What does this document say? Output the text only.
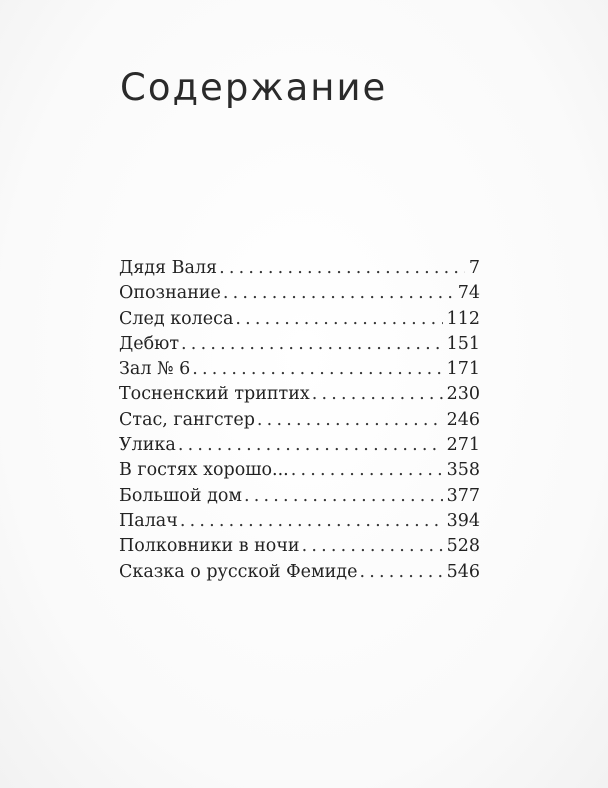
Содержание
Дядя Валя .....	7
Опознание .....	74
След колеса .....	112
Дебют .....	151
Зал № 6 .....	171
Тосненский триптих .....	230
Стас, гангстер .....	246
Улика .....	271
В гостях хорошо... .....	358
Большой дом .....	377
Палач .....	394
Полковники в ночи .....	528
Сказка о русской Фемиде .....	546
